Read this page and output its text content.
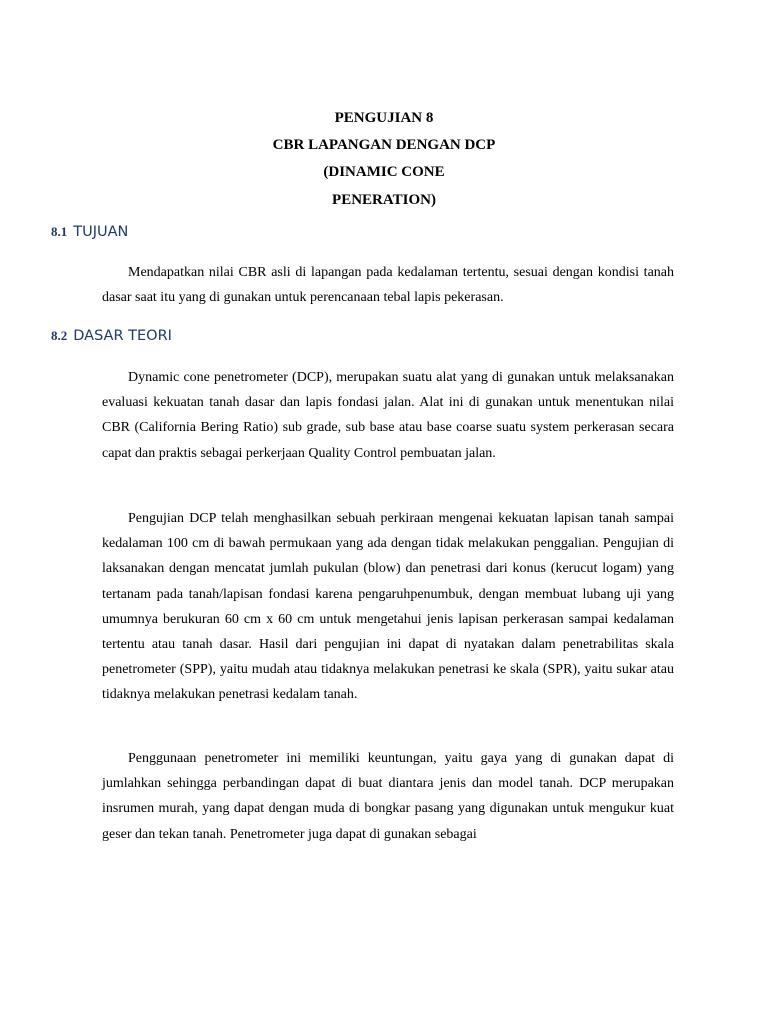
PENGUJIAN 8
CBR LAPANGAN DENGAN DCP
(DINAMIC CONE
PENERATION)
8.1 TUJUAN

Mendapatkan nilai CBR asli di lapangan pada kedalaman tertentu, sesuai dengan kondisi tanah dasar saat itu yang di gunakan untuk perencanaan tebal lapis pekerasan.

8.2 DASAR TEORI

Dynamic cone penetrometer (DCP), merupakan suatu alat yang di gunakan untuk melaksanakan evaluasi kekuatan tanah dasar dan lapis fondasi jalan. Alat ini di gunakan untuk menentukan nilai CBR (California Bering Ratio) sub grade, sub base atau base coarse suatu system perkerasan secara capat dan praktis sebagai perkerjaan Quality Control pembuatan jalan.

Pengujian DCP telah menghasilkan sebuah perkiraan mengenai kekuatan lapisan tanah sampai kedalaman 100 cm di bawah permukaan yang ada dengan tidak melakukan penggalian. Pengujian di laksanakan dengan mencatat jumlah pukulan (blow) dan penetrasi dari konus (kerucut logam) yang tertanam pada tanah/lapisan fondasi karena pengaruhpenumbuk, dengan membuat lubang uji yang umumnya berukuran 60 cm x 60 cm untuk mengetahui jenis lapisan perkerasan sampai kedalaman tertentu atau tanah dasar. Hasil dari pengujian ini dapat di nyatakan dalam penetrabilitas skala penetrometer (SPP), yaitu mudah atau tidaknya melakukan penetrasi ke skala (SPR), yaitu sukar atau tidaknya melakukan penetrasi kedalam tanah.

Penggunaan penetrometer ini memiliki keuntungan, yaitu gaya yang di gunakan dapat di jumlahkan sehingga perbandingan dapat di buat diantara jenis dan model tanah. DCP merupakan insrumen murah, yang dapat dengan muda di bongkar pasang yang digunakan untuk mengukur kuat geser dan tekan tanah. Penetrometer juga dapat di gunakan sebagai
